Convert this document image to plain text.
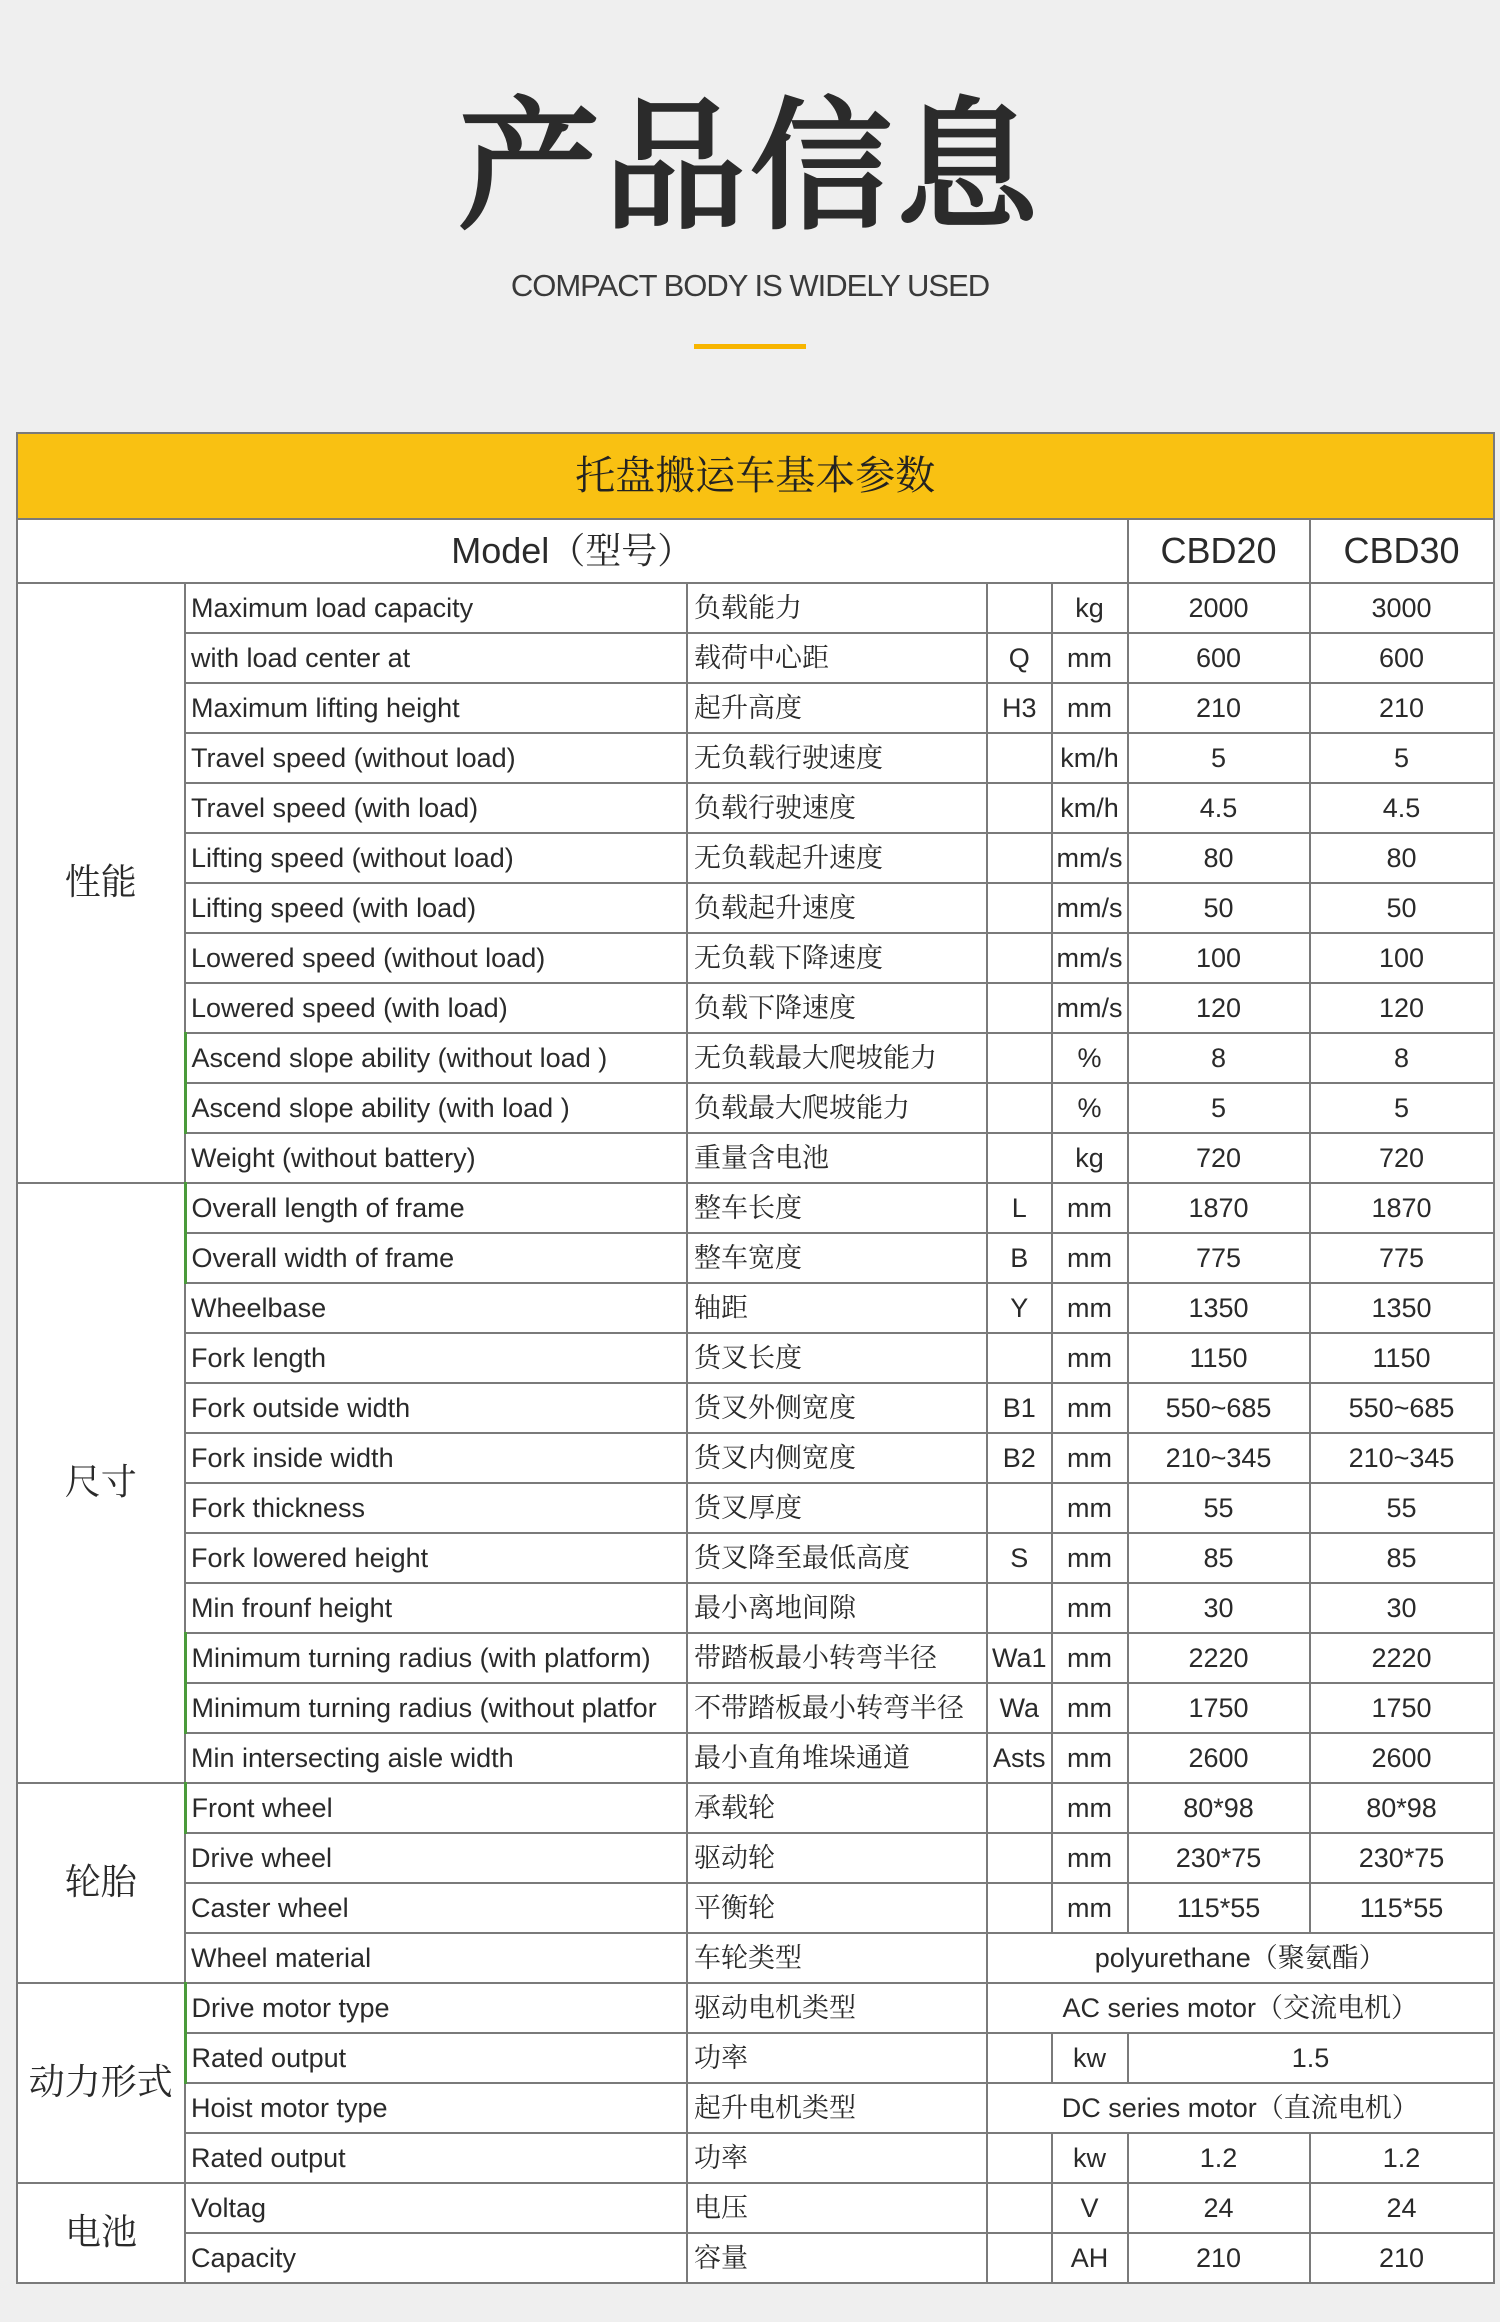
产品信息
COMPACT BODY IS WIDELY USED
托盘搬运车基本参数						
Model（型号）					CBD20	CBD30
性能	Maximum load capacity	负载能力		kg	2000	3000
	with load center at	载荷中心距	Q	mm	600	600
	Maximum lifting height	起升高度	H3	mm	210	210
	Travel speed (without load)	无负载行驶速度		km/h	5	5
	Travel speed (with load)	负载行驶速度		km/h	4.5	4.5
	Lifting speed (without load)	无负载起升速度		mm/s	80	80
	Lifting speed (with load)	负载起升速度		mm/s	50	50
	Lowered speed (without load)	无负载下降速度		mm/s	100	100
	Lowered speed (with load)	负载下降速度		mm/s	120	120
	Ascend slope ability (without load )	无负载最大爬坡能力		%	8	8
	Ascend slope ability (with load )	负载最大爬坡能力		%	5	5
	Weight (without battery)	重量含电池		kg	720	720
尺寸	Overall length of frame	整车长度	L	mm	1870	1870
	Overall width of frame	整车宽度	B	mm	775	775
	Wheelbase	轴距	Y	mm	1350	1350
	Fork length	货叉长度		mm	1150	1150
	Fork outside width	货叉外侧宽度	B1	mm	550~685	550~685
	Fork inside width	货叉内侧宽度	B2	mm	210~345	210~345
	Fork thickness	货叉厚度		mm	55	55
	Fork lowered height	货叉降至最低高度	S	mm	85	85
	Min frounf height	最小离地间隙		mm	30	30
	Minimum turning radius (with platform)	带踏板最小转弯半径	Wa1	mm	2220	2220
	Minimum turning radius (without platfor	不带踏板最小转弯半径	Wa	mm	1750	1750
	Min intersecting aisle width	最小直角堆垛通道	Asts	mm	2600	2600
轮胎	Front wheel	承载轮		mm	80*98	80*98
	Drive wheel	驱动轮		mm	230*75	230*75
	Caster wheel	平衡轮		mm	115*55	115*55
	Wheel material	车轮类型	polyurethane（聚氨酯）			
动力形式	Drive motor type	驱动电机类型	AC series motor（交流电机）			
	Rated output	功率		kw	1.5	
	Hoist motor type	起升电机类型	DC series motor（直流电机）			
	Rated output	功率		kw	1.2	1.2
电池	Voltag	电压		V	24	24
	Capacity	容量		AH	210	210
